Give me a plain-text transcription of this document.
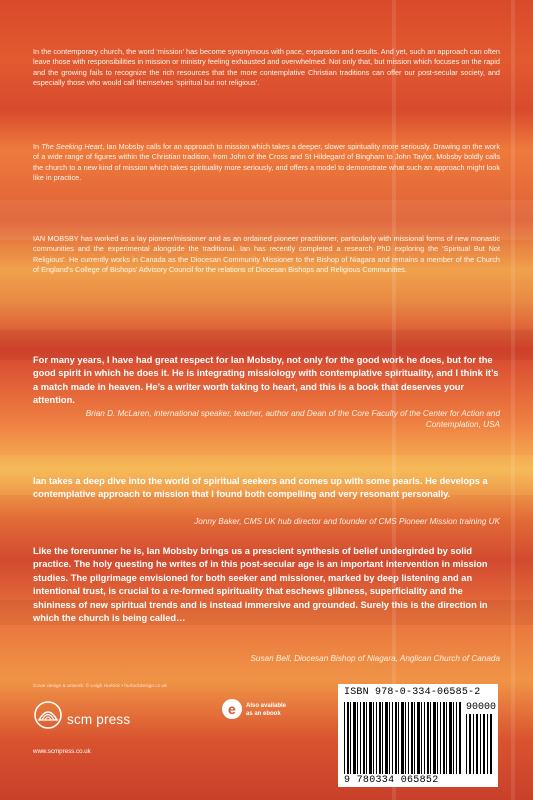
In the contemporary church, the word ‘mission’ has become synonymous with pace, expansion and results. And yet, such an approach can often leave those with responsibilities in mission or ministry feeling exhausted and overwhelmed. Not only that, but mission which focuses on the rapid and the growing fails to recognize the rich resources that the more contemplative Christian traditions can offer our post-secular society, and especially those who would call themselves ‘spiritual but not religious’.

In The Seeking Heart, Ian Mobsby calls for an approach to mission which takes a deeper, slower spirituality more seriously. Drawing on the work of a wide range of figures within the Christian tradition, from John of the Cross and St Hildegard of Bingham to John Taylor, Mobsby boldly calls the church to a new kind of mission which takes spirituality more seriously, and offers a model to demonstrate what such an approach might look like in practice.

IAN MOBSBY has worked as a lay pioneer/missioner and as an ordained pioneer practitioner, particularly with missional forms of new monastic communities and the experimental alongside the traditional. Ian has recently completed a research PhD exploring the ‘Spiritual But Not Religious’. He currently works in Canada as the Diocesan Community Missioner to the Bishop of Niagara and remains a member of the Church of England’s College of Bishops’ Advisory Council for the relations of Diocesan Bishops and Religious Communities.

For many years, I have had great respect for Ian Mobsby, not only for the good work he does, but for the good spirit in which he does it. He is integrating missiology with contemplative spirituality, and I think it’s a match made in heaven. He’s a writer worth taking to heart, and this is a book that deserves your attention.

Brian D. McLaren, international speaker, teacher, author and Dean of the Core Faculty of the Center for Action and Contemplation, USA

Ian takes a deep dive into the world of spiritual seekers and comes up with some pearls. He develops a contemplative approach to mission that I found both compelling and very resonant personally.

Jonny Baker, CMS UK hub director and founder of CMS Pioneer Mission training UK

Like the forerunner he is, Ian Mobsby brings us a prescient synthesis of belief undergirded by solid practice. The holy questing he writes of in this post-secular age is an important intervention in mission studies. The pilgrimage envisioned for both seeker and missioner, marked by deep listening and an intentional trust, is crucial to a re-formed spirituality that eschews glibness, superficiality and the shininess of new spiritual trends and is instead immersive and grounded. Surely this is the direction in which the church is being called…

Susan Bell, Diocesan Bishop of Niagara, Anglican Church of Canada

Cover design & artwork: © Leigh Hurlock • hurlockdesign.co.uk

scm press
www.scmpress.co.uk
e Also available
as an ebook
ISBN 978-0-334-06585-2
90000
9 780334 065852
